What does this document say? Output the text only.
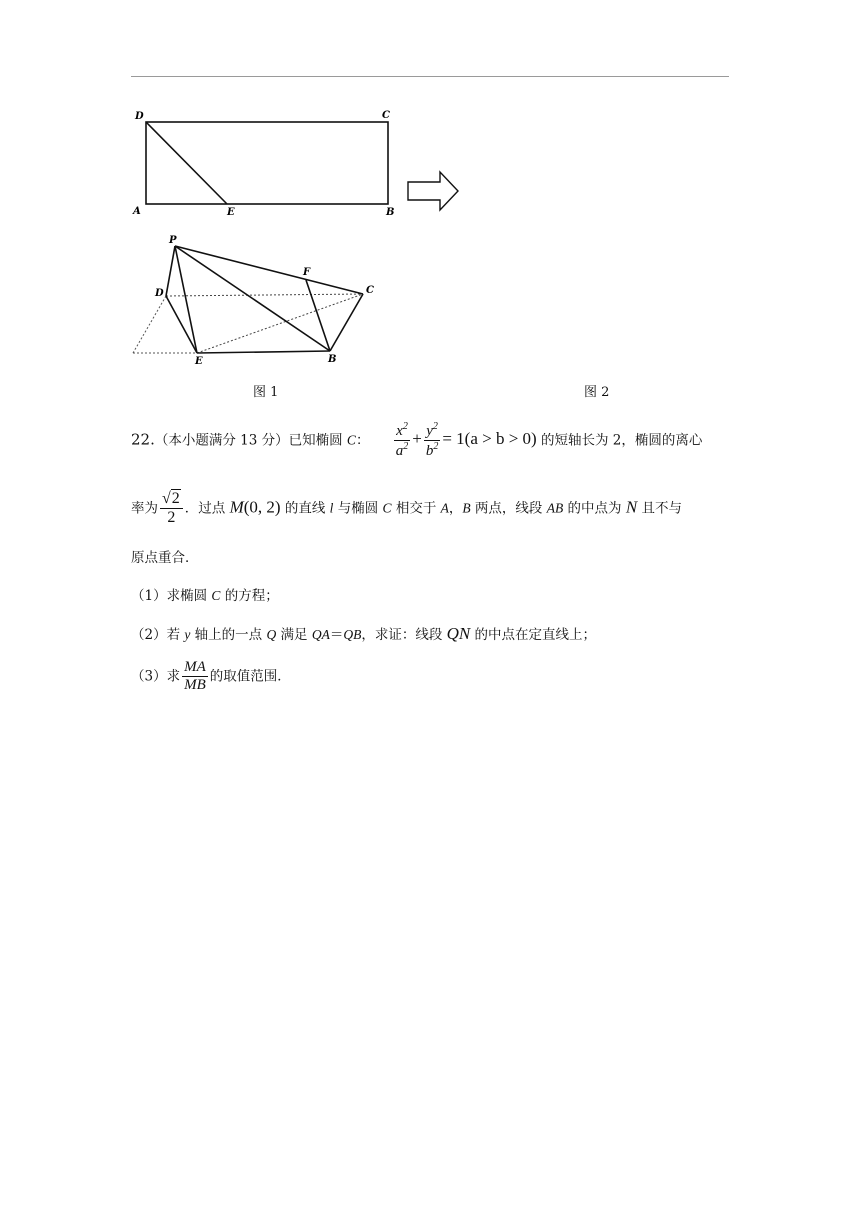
D	C
A	E	B
P
F
D	C
E	B
图 1	图 2
22.（本小题满分 13 分）已知椭圆 C： $\frac{x^2}{a^2} + \frac{y^2}{b^2} = 1(a > b > 0)$ 的短轴长为 2，椭圆的离心
率为 $\frac{√2}{2}$ ．过点 M(0, 2) 的直线 l 与椭圆 C 相交于 A，B 两点，线段 AB 的中点为 N 且不与
原点重合．
（1）求椭圆 C 的方程；
（2）若 y 轴上的一点 Q 满足 QA＝QB，求证：线段 QN 的中点在定直线上；
（3）求 $\frac{MA}{MB}$ 的取值范围．
